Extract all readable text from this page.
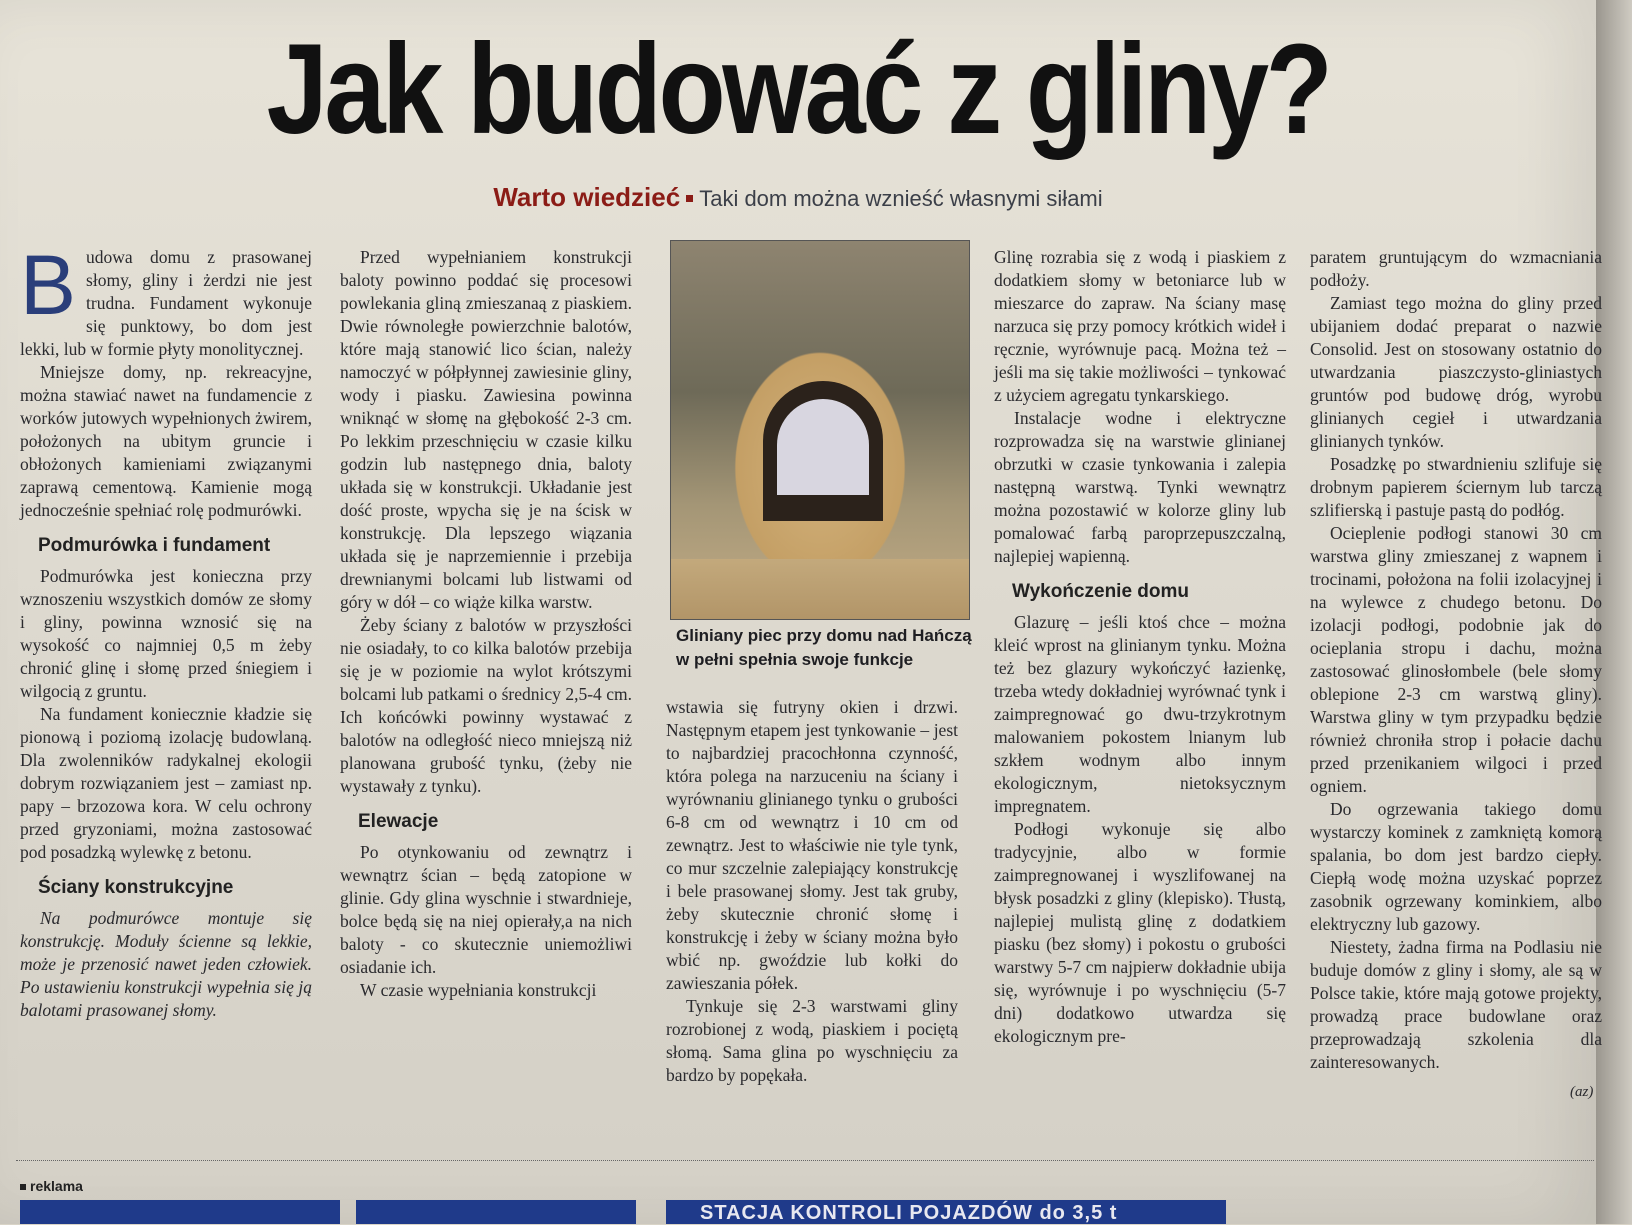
Jak budować z gliny?
Warto wiedzieć Taki dom można wznieść własnymi siłami

Budowa domu z prasowanej słomy, gliny i żerdzi nie jest trudna. Fundament wykonuje się punktowy, bo dom jest lekki, lub w formie płyty monolitycznej.

Mniejsze domy, np. rekreacyjne, można stawiać nawet na fundamencie z worków jutowych wypełnionych żwirem, położonych na ubitym gruncie i obłożonych kamieniami związanymi zaprawą cementową. Kamienie mogą jednocześnie spełniać rolę podmurówki.

Podmurówka i fundament

Podmurówka jest konieczna przy wznoszeniu wszystkich domów ze słomy i gliny, powinna wznosić się na wysokość co najmniej 0,5 m żeby chronić glinę i słomę przed śniegiem i wilgocią z gruntu.

Na fundament koniecznie kładzie się pionową i poziomą izolację budowlaną. Dla zwolenników radykalnej ekologii dobrym rozwiązaniem jest – zamiast np. papy – brzozowa kora. W celu ochrony przed gryzoniami, można zastosować pod posadzką wylewkę z betonu.

Ściany konstrukcyjne

Na podmurówce montuje się konstrukcję. Moduły ścienne są lekkie, może je przenosić nawet jeden człowiek. Po ustawieniu konstrukcji wypełnia się ją balotami prasowanej słomy.

Przed wypełnianiem konstrukcji baloty powinno poddać się procesowi powlekania gliną zmieszanaą z piaskiem. Dwie równoległe powierzchnie balotów, które mają stanowić lico ścian, należy namoczyć w półpłynnej zawiesinie gliny, wody i piasku. Zawiesina powinna wniknąć w słomę na głębokość 2-3 cm. Po lekkim przeschnięciu w czasie kilku godzin lub następnego dnia, baloty układa się w konstrukcji. Układanie jest dość proste, wpycha się je na ścisk w konstrukcję. Dla lepszego wiązania układa się je naprzemiennie i przebija drewnianymi bolcami lub listwami od góry w dół – co wiąże kilka warstw.

Żeby ściany z balotów w przyszłości nie osiadały, to co kilka balotów przebija się je w poziomie na wylot krótszymi bolcami lub patkami o średnicy 2,5-4 cm. Ich końcówki powinny wystawać z balotów na odległość nieco mniejszą niż planowana grubość tynku, (żeby nie wystawały z tynku).

Elewacje

Po otynkowaniu od zewnątrz i wewnątrz ścian – będą zatopione w glinie. Gdy glina wyschnie i stwardnieje, bolce będą się na niej opierały,a na nich baloty - co skutecznie uniemożliwi osiadanie ich.

W czasie wypełniania konstrukcji

Gliniany piec przy domu nad Hańczą w pełni spełnia swoje funkcje

wstawia się futryny okien i drzwi. Następnym etapem jest tynkowanie – jest to najbardziej pracochłonna czynność, która polega na narzuceniu na ściany i wyrównaniu glinianego tynku o grubości 6-8 cm od wewnątrz i 10 cm od zewnątrz. Jest to właściwie nie tyle tynk, co mur szczelnie zalepiający konstrukcję i bele prasowanej słomy. Jest tak gruby, żeby skutecznie chronić słomę i konstrukcję i żeby w ściany można było wbić np. gwoździe lub kołki do zawieszania półek.

Tynkuje się 2-3 warstwami gliny rozrobionej z wodą, piaskiem i pociętą słomą. Sama glina po wyschnięciu za bardzo by popękała.

Glinę rozrabia się z wodą i piaskiem z dodatkiem słomy w betoniarce lub w mieszarce do zapraw. Na ściany masę narzuca się przy pomocy krótkich wideł i ręcznie, wyrównuje pacą. Można też – jeśli ma się takie możliwości – tynkować z użyciem agregatu tynkarskiego.

Instalacje wodne i elektryczne rozprowadza się na warstwie glinianej obrzutki w czasie tynkowania i zalepia następną warstwą. Tynki wewnątrz można pozostawić w kolorze gliny lub pomalować farbą paroprzepuszczalną, najlepiej wapienną.

Wykończenie domu

Glazurę – jeśli ktoś chce – można kleić wprost na glinianym tynku. Można też bez glazury wykończyć łazienkę, trzeba wtedy dokładniej wyrównać tynk i zaimpregnować go dwu-trzykrotnym malowaniem pokostem lnianym lub szkłem wodnym albo innym ekologicznym, nietoksycznym impregnatem.

Podłogi wykonuje się albo tradycyjnie, albo w formie zaimpregnowanej i wyszlifowanej na błysk posadzki z gliny (klepisko). Tłustą, najlepiej mulistą glinę z dodatkiem piasku (bez słomy) i pokostu o grubości warstwy 5-7 cm najpierw dokładnie ubija się, wyrównuje i po wyschnięciu (5-7 dni) dodatkowo utwardza się ekologicznym pre-

paratem gruntującym do wzmacniania podłoży.

Zamiast tego można do gliny przed ubijaniem dodać preparat o nazwie Consolid. Jest on stosowany ostatnio do utwardzania piaszczysto-gliniastych gruntów pod budowę dróg, wyrobu glinianych cegieł i utwardzania glinianych tynków.

Posadzkę po stwardnieniu szlifuje się drobnym papierem ściernym lub tarczą szlifierską i pastuje pastą do podłóg.

Ocieplenie podłogi stanowi 30 cm warstwa gliny zmieszanej z wapnem i trocinami, położona na folii izolacyjnej i na wylewce z chudego betonu. Do izolacji podłogi, podobnie jak do ocieplania stropu i dachu, można zastosować glinosłombele (bele słomy oblepione 2-3 cm warstwą gliny). Warstwa gliny w tym przypadku będzie również chroniła strop i połacie dachu przed przenikaniem wilgoci i przed ogniem.

Do ogrzewania takiego domu wystarczy kominek z zamkniętą komorą spalania, bo dom jest bardzo ciepły. Ciepłą wodę można uzyskać poprzez zasobnik ogrzewany kominkiem, albo elektryczny lub gazowy.

Niestety, żadna firma na Podlasiu nie buduje domów z gliny i słomy, ale są w Polsce takie, które mają gotowe projekty, prowadzą prace budowlane oraz przeprowadzają szkolenia dla zainteresowanych.

(az)
reklama
STACJA KONTROLI POJAZDÓW do 3,5 t
